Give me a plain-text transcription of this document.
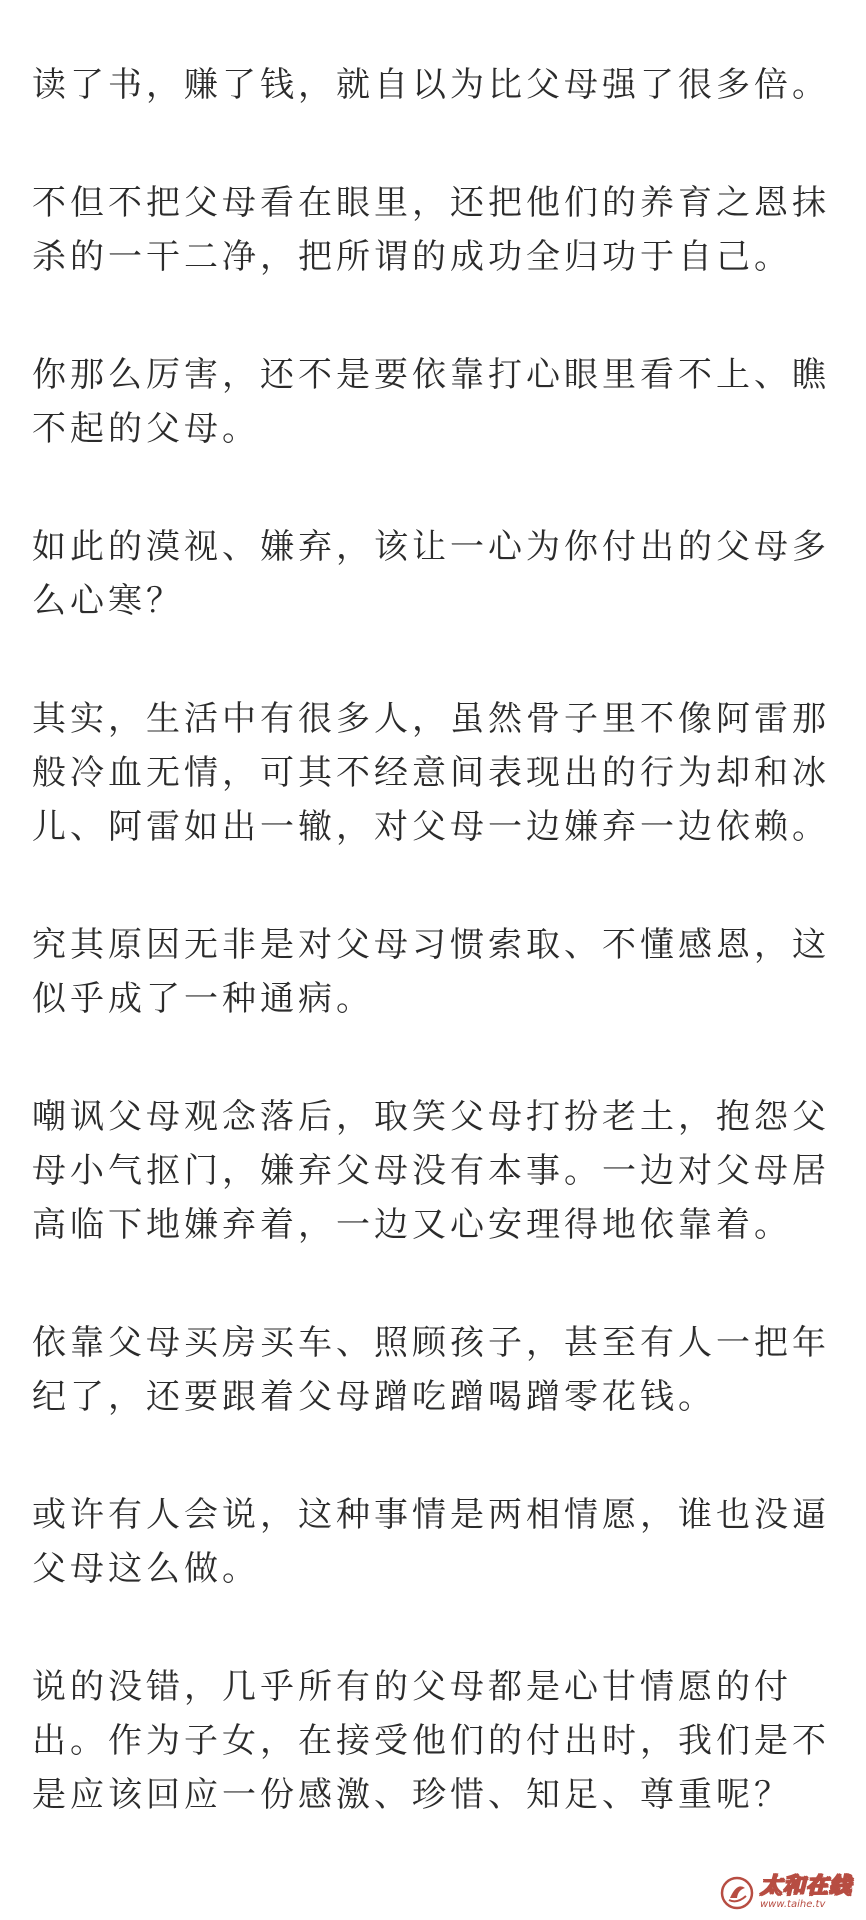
读了书，赚了钱，就自以为比父母强了很多倍。

不但不把父母看在眼里，还把他们的养育之恩抹
杀的一干二净，把所谓的成功全归功于自己。

你那么厉害，还不是要依靠打心眼里看不上、瞧
不起的父母。

如此的漠视、嫌弃，该让一心为你付出的父母多
么心寒？

其实，生活中有很多人，虽然骨子里不像阿雷那
般冷血无情，可其不经意间表现出的行为却和冰
儿、阿雷如出一辙，对父母一边嫌弃一边依赖。

究其原因无非是对父母习惯索取、不懂感恩，这
似乎成了一种通病。

嘲讽父母观念落后，取笑父母打扮老土，抱怨父
母小气抠门，嫌弃父母没有本事。一边对父母居
高临下地嫌弃着，一边又心安理得地依靠着。

依靠父母买房买车、照顾孩子，甚至有人一把年
纪了，还要跟着父母蹭吃蹭喝蹭零花钱。

或许有人会说，这种事情是两相情愿，谁也没逼
父母这么做。

说的没错，几乎所有的父母都是心甘情愿的付
出。作为子女，在接受他们的付出时，我们是不
是应该回应一份感激、珍惜、知足、尊重呢？

太和在线
www.taihe.tv
